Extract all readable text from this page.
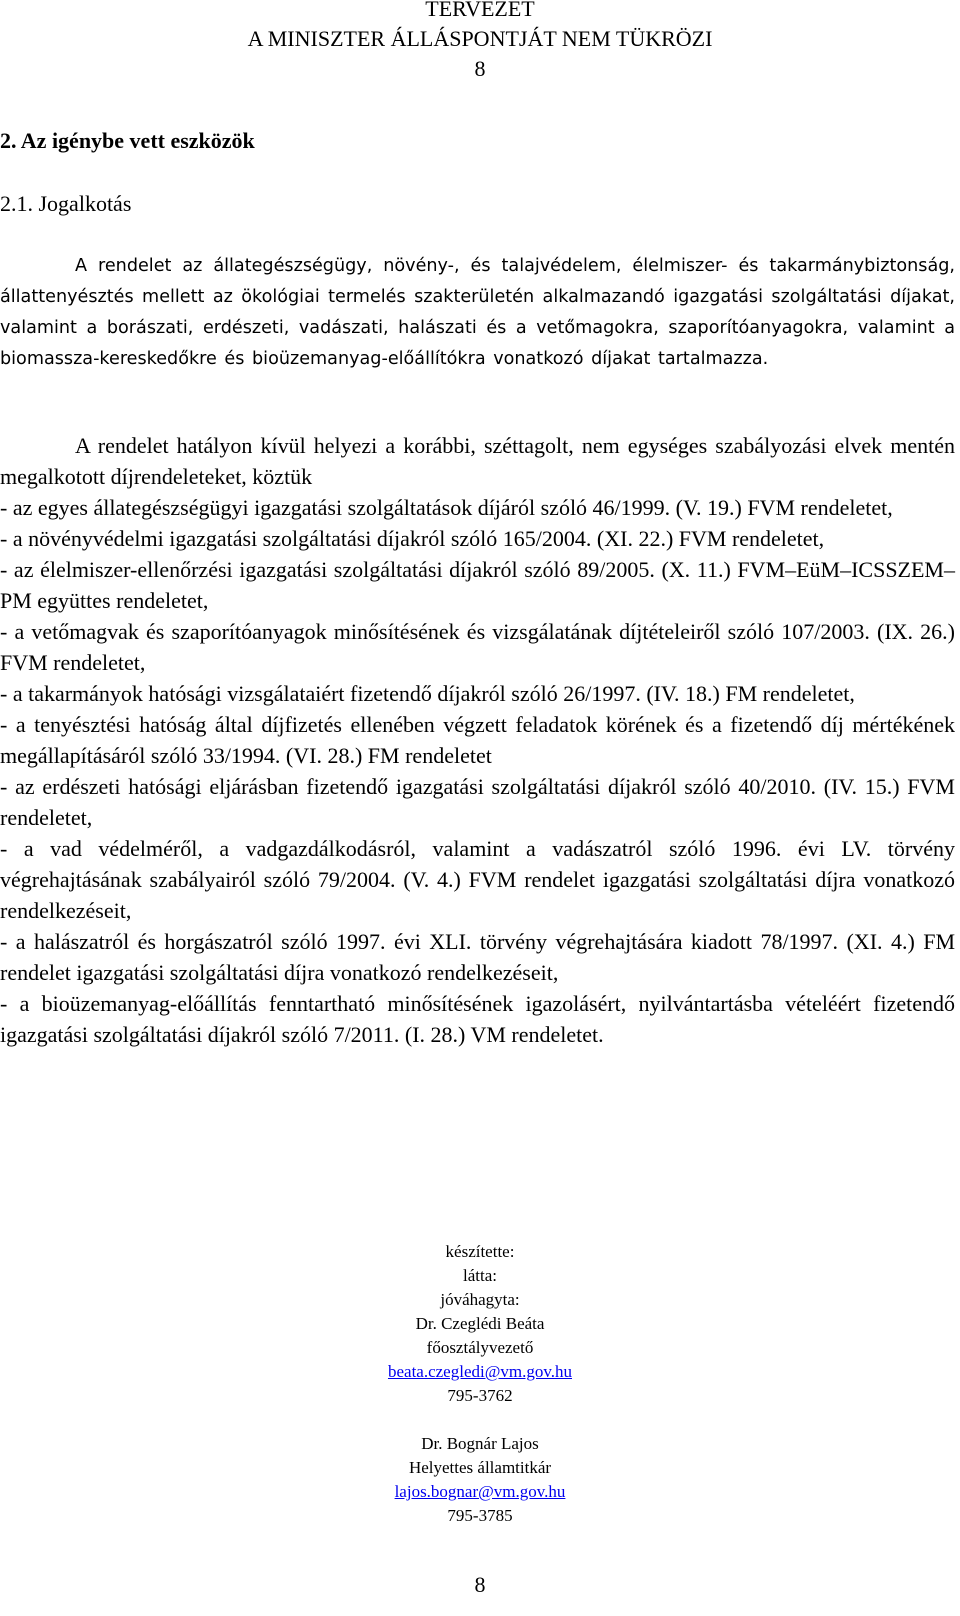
TERVEZET
A MINISZTER ÁLLÁSPONTJÁT NEM TÜKRÖZI
8
2. Az igénybe vett eszközök
2.1. Jogalkotás
A rendelet az állategészségügy, növény-, és talajvédelem, élelmiszer- és takarmánybiztonság, állattenyésztés mellett az ökológiai termelés szakterületén alkalmazandó igazgatási szolgáltatási díjakat, valamint a borászati, erdészeti, vadászati, halászati és a vetőmagokra, szaporítóanyagokra, valamint a biomassza-kereskedőkre és bioüzemanyag-előállítókra vonatkozó díjakat tartalmazza.
A rendelet hatályon kívül helyezi a korábbi, széttagolt, nem egységes szabályozási elvek mentén megalkotott díjrendeleteket, köztük
- az egyes állategészségügyi igazgatási szolgáltatások díjáról szóló 46/1999. (V. 19.) FVM rendeletet,
- a növényvédelmi igazgatási szolgáltatási díjakról szóló 165/2004. (XI. 22.) FVM rendeletet,
- az élelmiszer-ellenőrzési igazgatási szolgáltatási díjakról szóló 89/2005. (X. 11.) FVM–EüM–ICSSZEM–PM együttes rendeletet,
- a vetőmagvak és szaporítóanyagok minősítésének és vizsgálatának díjtételeiről szóló 107/2003. (IX. 26.) FVM rendeletet,
- a takarmányok hatósági vizsgálataiért fizetendő díjakról szóló 26/1997. (IV. 18.) FM rendeletet,
- a tenyésztési hatóság által díjfizetés ellenében végzett feladatok körének és a fizetendő díj mértékének megállapításáról szóló 33/1994. (VI. 28.) FM rendeletet
- az erdészeti hatósági eljárásban fizetendő igazgatási szolgáltatási díjakról szóló 40/2010. (IV. 15.) FVM rendeletet,
- a vad védelméről, a vadgazdálkodásról, valamint a vadászatról szóló 1996. évi LV. törvény végrehajtásának szabályairól szóló 79/2004. (V. 4.) FVM rendelet igazgatási szolgáltatási díjra vonatkozó rendelkezéseit,
- a halászatról és horgászatról szóló 1997. évi XLI. törvény végrehajtására kiadott 78/1997. (XI. 4.) FM rendelet igazgatási szolgáltatási díjra vonatkozó rendelkezéseit,
- a bioüzemanyag-előállítás fenntartható minősítésének igazolásért, nyilvántartásba vételéért fizetendő igazgatási szolgáltatási díjakról szóló 7/2011. (I. 28.) VM rendeletet.
készítette:
látta:
jóváhagyta:
Dr. Czeglédi Beáta
főosztályvezető
beata.czegledi@vm.gov.hu
795-3762
Dr. Bognár Lajos
Helyettes államtitkár
lajos.bognar@vm.gov.hu
795-3785
8
